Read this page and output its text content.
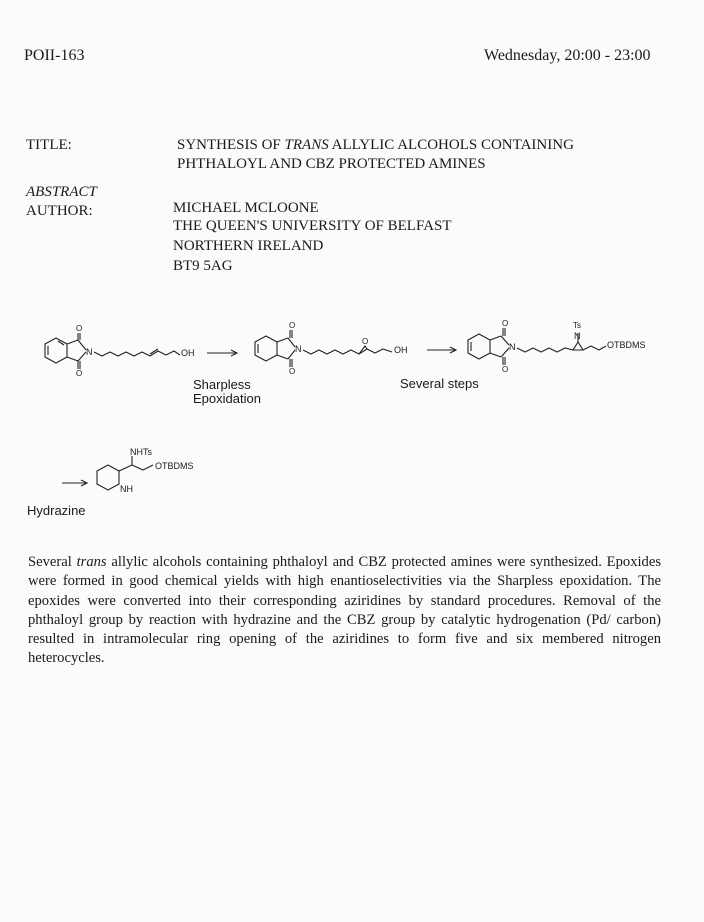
POII-163	Wednesday, 20:00 - 23:00
TITLE:	SYNTHESIS OF TRANS ALLYLIC ALCOHOLS CONTAINING
PHTHALOYL AND CBZ PROTECTED AMINES
ABSTRACT
AUTHOR:	MICHAEL MCLOONE
THE QUEEN'S UNIVERSITY OF BELFAST
NORTHERN IRELAND
BT9 5AG
OH
N
O
O
OH
N
O
O
O
N
O
O
Ts
N
OTBDMS
NHTs
OTBDMS
NH
Sharpless
Epoxidation
Several steps
Hydrazine
Several trans allylic alcohols containing phthaloyl and CBZ protected amines were synthesized. Epoxides were formed in good chemical yields with high enantioselectivities via the Sharpless epoxidation. The epoxides were converted into their corresponding aziridines by standard procedures. Removal of the phthaloyl group by reaction with hydrazine and the CBZ group by catalytic hydrogenation (Pd/ carbon) resulted in intramolecular ring opening of the aziridines to form five and six membered nitrogen heterocycles.
